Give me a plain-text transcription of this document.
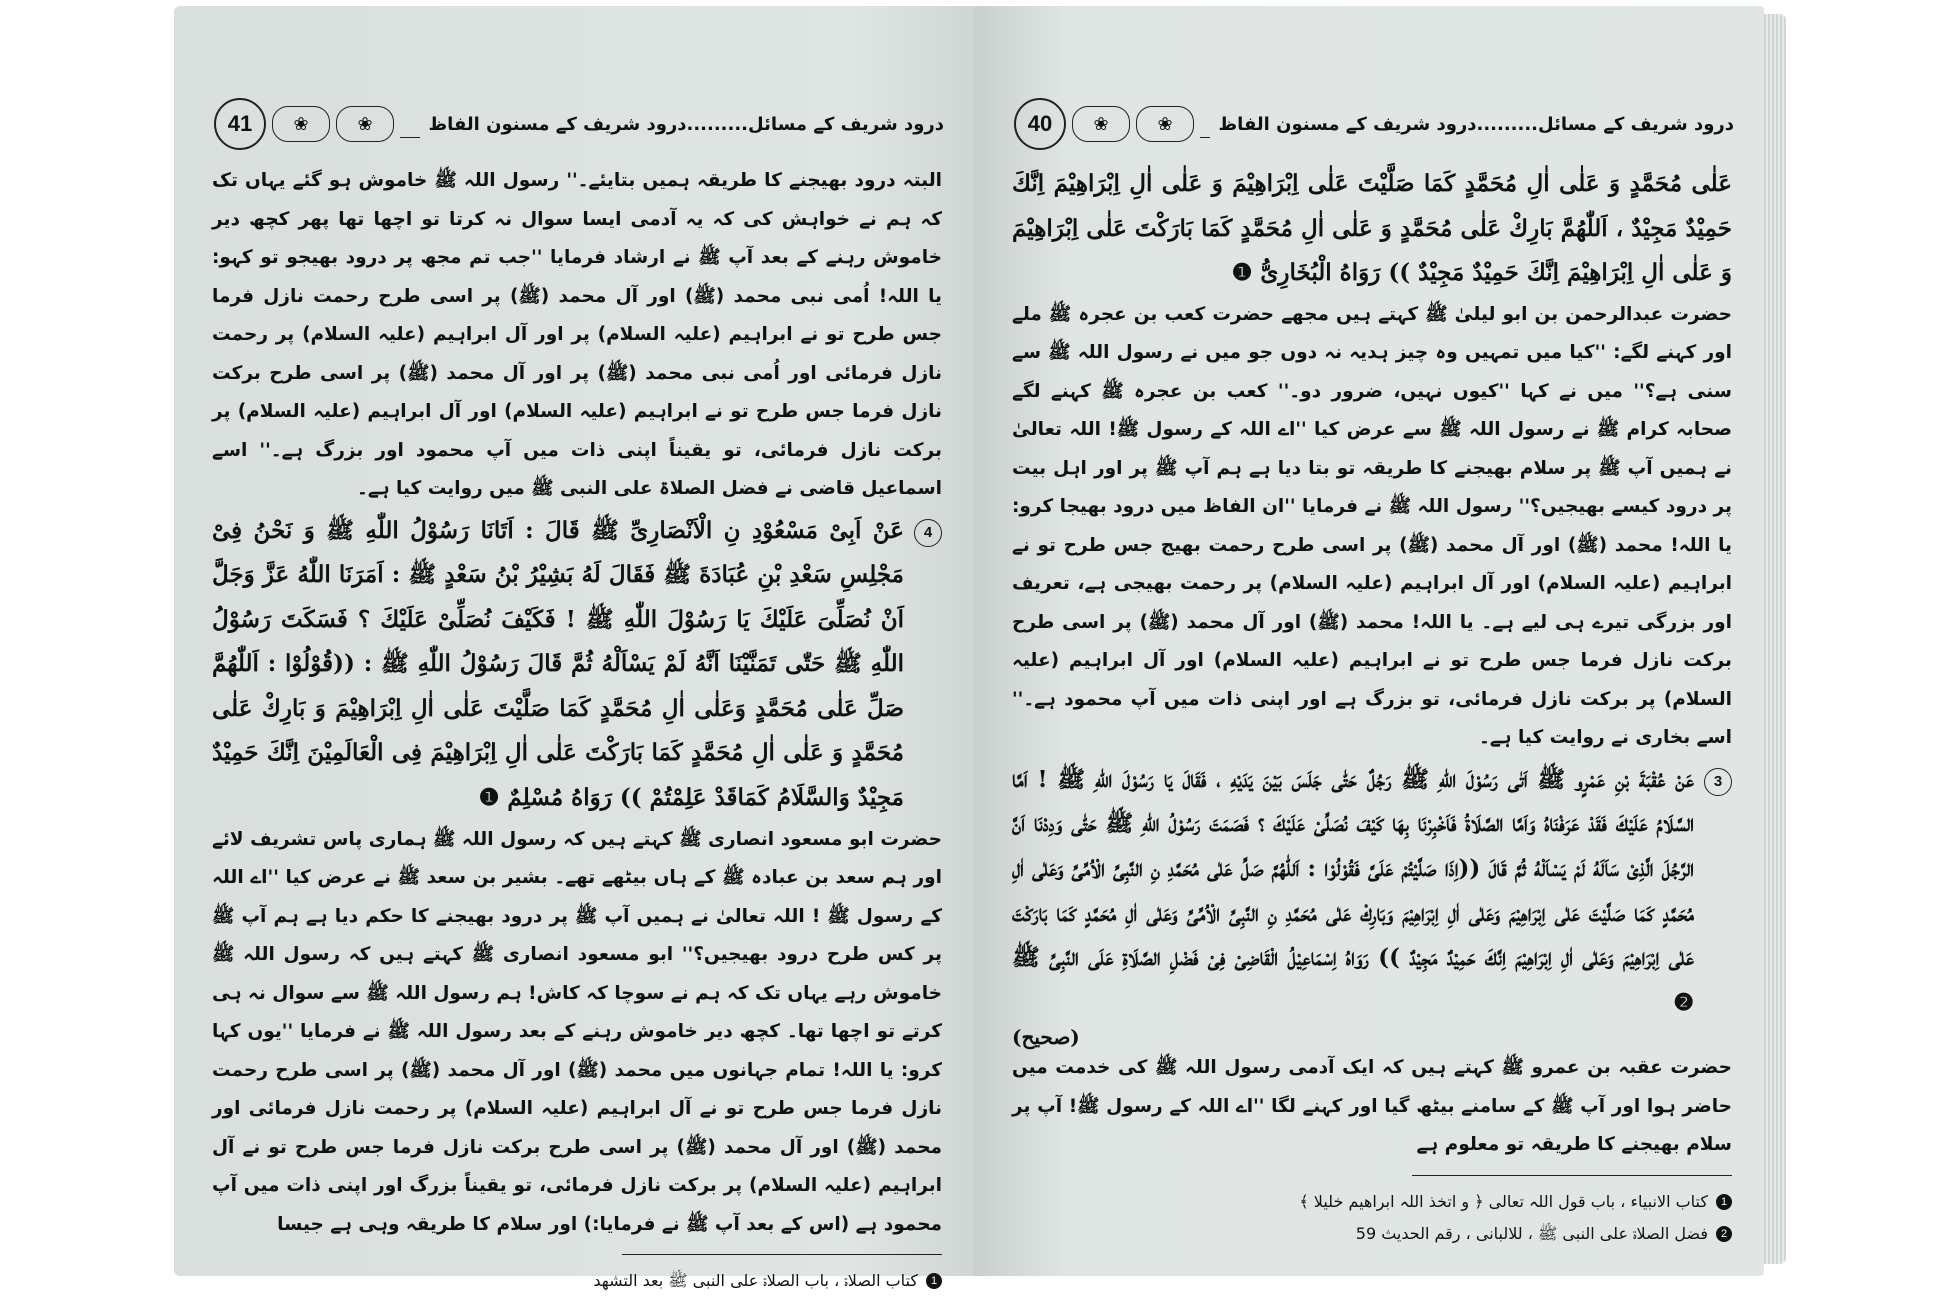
درود شریف کے مسائل.........درود شریف کے مسنون الفاظ
❀
❀
41

البتہ درود بھیجنے کا طریقہ ہمیں بتایئے۔'' رسول اللہ ﷺ خاموش ہو گئے یہاں تک کہ ہم نے خواہش کی کہ یہ آدمی ایسا سوال نہ کرتا تو اچھا تھا پھر کچھ دیر خاموش رہنے کے بعد آپ ﷺ نے ارشاد فرمایا ''جب تم مجھ پر درود بھیجو تو کہو: یا اللہ! اُمی نبی محمد (ﷺ) اور آل محمد (ﷺ) پر اسی طرح رحمت نازل فرما جس طرح تو نے ابراہیم (علیہ السلام) پر اور آل ابراہیم (علیہ السلام) پر رحمت نازل فرمائی اور اُمی نبی محمد (ﷺ) پر اور آل محمد (ﷺ) پر اسی طرح برکت نازل فرما جس طرح تو نے ابراہیم (علیہ السلام) اور آل ابراہیم (علیہ السلام) پر برکت نازل فرمائی، تو یقیناً اپنی ذات میں آپ محمود اور بزرگ ہے۔'' اسے اسماعیل قاضی نے فضل الصلاۃ علی النبی ﷺ میں روایت کیا ہے۔

4

عَنْ اَبِیْ مَسْعُوْدِ نِ الْاَنْصَارِیِّ ﷺ قَالَ : اَتَانَا رَسُوْلُ اللّٰهِ ﷺ وَ نَحْنُ فِیْ مَجْلِسِ سَعْدِ بْنِ عُبَادَةَ ﷺ فَقَالَ لَهُ بَشِیْرُ بْنُ سَعْدٍ ﷺ : اَمَرَنَا اللّٰهُ عَزَّ وَجَلَّ اَنْ نُصَلِّیَ عَلَیْكَ یَا رَسُوْلَ اللّٰهِ ﷺ ! فَكَیْفَ نُصَلِّیْ عَلَیْكَ ؟ فَسَكَتَ رَسُوْلُ اللّٰهِ ﷺ حَتّٰی تَمَنَّیْنَا اَنَّهُ لَمْ یَسْاَلْهُ ثُمَّ قَالَ رَسُوْلُ اللّٰهِ ﷺ : ((قُوْلُوْا : اَللّٰهُمَّ صَلِّ عَلٰی مُحَمَّدٍ وَعَلٰی اٰلِ مُحَمَّدٍ كَمَا صَلَّیْتَ عَلٰی اٰلِ اِبْرَاهِیْمَ وَ بَارِكْ عَلٰی مُحَمَّدٍ وَ عَلٰی اٰلِ مُحَمَّدٍ كَمَا بَارَكْتَ عَلٰی اٰلِ اِبْرَاهِیْمَ فِی الْعَالَمِیْنَ اِنَّكَ حَمِیْدٌ مَجِیْدٌ وَالسَّلَامُ كَمَاقَدْ عَلِمْتُمْ )) رَوَاهُ مُسْلِمٌ ❶

حضرت ابو مسعود انصاری ﷺ کہتے ہیں کہ رسول اللہ ﷺ ہماری پاس تشریف لائے اور ہم سعد بن عبادہ ﷺ کے ہاں بیٹھے تھے۔ بشیر بن سعد ﷺ نے عرض کیا ''اے اللہ کے رسول ﷺ ! اللہ تعالیٰ نے ہمیں آپ ﷺ پر درود بھیجنے کا حکم دیا ہے ہم آپ ﷺ پر کس طرح درود بھیجیں؟'' ابو مسعود انصاری ﷺ کہتے ہیں کہ رسول اللہ ﷺ خاموش رہے یہاں تک کہ ہم نے سوچا کہ کاش! ہم رسول اللہ ﷺ سے سوال نہ ہی کرتے تو اچھا تھا۔ کچھ دیر خاموش رہنے کے بعد رسول اللہ ﷺ نے فرمایا ''یوں کہا کرو: یا اللہ! تمام جہانوں میں محمد (ﷺ) اور آل محمد (ﷺ) پر اسی طرح رحمت نازل فرما جس طرح تو نے آل ابراہیم (علیہ السلام) پر رحمت نازل فرمائی اور محمد (ﷺ) اور آل محمد (ﷺ) پر اسی طرح برکت نازل فرما جس طرح تو نے آل ابراہیم (علیہ السلام) پر برکت نازل فرمائی، تو یقیناً بزرگ اور اپنی ذات میں آپ محمود ہے (اس کے بعد آپ ﷺ نے فرمایا:) اور سلام کا طریقہ وہی ہے جیسا

1
کتاب الصلاۃ ، باب الصلاۃ علی النبی ﷺ بعد التشھد

درود شریف کے مسائل.........درود شریف کے مسنون الفاظ
❀
❀
40

عَلٰی مُحَمَّدٍ وَ عَلٰی اٰلِ مُحَمَّدٍ كَمَا صَلَّیْتَ عَلٰی اِبْرَاهِیْمَ وَ عَلٰی اٰلِ اِبْرَاهِیْمَ اِنَّكَ حَمِیْدٌ مَجِیْدٌ ، اَللّٰهُمَّ بَارِكْ عَلٰی مُحَمَّدٍ وَ عَلٰی اٰلِ مُحَمَّدٍ كَمَا بَارَكْتَ عَلٰی اِبْرَاهِیْمَ وَ عَلٰی اٰلِ اِبْرَاهِیْمَ اِنَّكَ حَمِیْدٌ مَجِیْدٌ )) رَوَاهُ الْبُخَارِیُّ ❶

حضرت عبدالرحمن بن ابو لیلیٰ ﷺ کہتے ہیں مجھے حضرت کعب بن عجرہ ﷺ ملے اور کہنے لگے: ''کیا میں تمہیں وہ چیز ہدیہ نہ دوں جو میں نے رسول اللہ ﷺ سے سنی ہے؟'' میں نے کہا ''کیوں نہیں، ضرور دو۔'' کعب بن عجرہ ﷺ کہنے لگے صحابہ کرام ﷺ نے رسول اللہ ﷺ سے عرض کیا ''اے اللہ کے رسول ﷺ! اللہ تعالیٰ نے ہمیں آپ ﷺ پر سلام بھیجنے کا طریقہ تو بتا دیا ہے ہم آپ ﷺ پر اور اہل بیت پر درود کیسے بھیجیں؟'' رسول اللہ ﷺ نے فرمایا ''ان الفاظ میں درود بھیجا کرو: یا اللہ! محمد (ﷺ) اور آل محمد (ﷺ) پر اسی طرح رحمت بھیج جس طرح تو نے ابراہیم (علیہ السلام) اور آل ابراہیم (علیہ السلام) پر رحمت بھیجی ہے، تعریف اور بزرگی تیرے ہی لیے ہے۔ یا اللہ! محمد (ﷺ) اور آل محمد (ﷺ) پر اسی طرح برکت نازل فرما جس طرح تو نے ابراہیم (علیہ السلام) اور آل ابراہیم (علیہ السلام) پر برکت نازل فرمائی، تو بزرگ ہے اور اپنی ذات میں آپ محمود ہے۔'' اسے بخاری نے روایت کیا ہے۔

3

عَنْ عُقْبَةَ بْنِ عَمْرٍو ﷺ اَتٰی رَسُوْلَ اللّٰهِ ﷺ رَجُلٌ حَتّٰی جَلَسَ بَیْنَ یَدَیْهِ ، فَقَالَ یَا رَسُوْلَ اللّٰهِ ﷺ ! اَمَّا السَّلَامُ عَلَیْكَ فَقَدْ عَرَفْنَاهُ وَاَمَّا الصَّلَاةُ فَاَخْبِرْنَا بِهَا كَیْفَ نُصَلِّیْ عَلَیْكَ ؟ فَصَمَتَ رَسُوْلُ اللّٰهِ ﷺ حَتّٰی وَدِدْنَا اَنَّ الرَّجُلَ الَّذِیْ سَاَلَهُ لَمْ یَسْاَلْهُ ثُمَّ قَالَ ((اِذَا صَلَّیْتُمْ عَلَیَّ فَقُوْلُوْا : اَللّٰهُمَّ صَلِّ عَلٰی مُحَمَّدِ نِ النَّبِیِّ الْاُمِّیِّ وَعَلٰی اٰلِ مُحَمَّدٍ كَمَا صَلَّیْتَ عَلٰی اِبْرَاهِیْمَ وَعَلٰی اٰلِ اِبْرَاهِیْمَ وَبَارِكْ عَلٰی مُحَمَّدِ نِ النَّبِیِّ الْاُمِّیِّ وَعَلٰی اٰلِ مُحَمَّدٍ كَمَا بَارَكْتَ عَلٰی اِبْرَاهِیْمَ وَعَلٰی اٰلِ اِبْرَاهِیْمَ اِنَّكَ حَمِیْدٌ مَجِیْدٌ )) رَوَاهُ اِسْمَاعِیْلُ الْقَاضِیْ فِیْ فَضْلِ الصَّلَاةِ عَلَی النَّبِیِّ ﷺ ❷

(صحیح)

حضرت عقبہ بن عمرو ﷺ کہتے ہیں کہ ایک آدمی رسول اللہ ﷺ کی خدمت میں حاضر ہوا اور آپ ﷺ کے سامنے بیٹھ گیا اور کہنے لگا ''اے اللہ کے رسول ﷺ! آپ پر سلام بھیجنے کا طریقہ تو معلوم ہے

1
کتاب الانبیاء ، باب قول اللہ تعالی ﴿ و اتخذ اللہ ابراھیم خلیلا ﴾

2
فضل الصلاۃ علی النبی ﷺ ، للالبانی ، رقم الحدیث 59
